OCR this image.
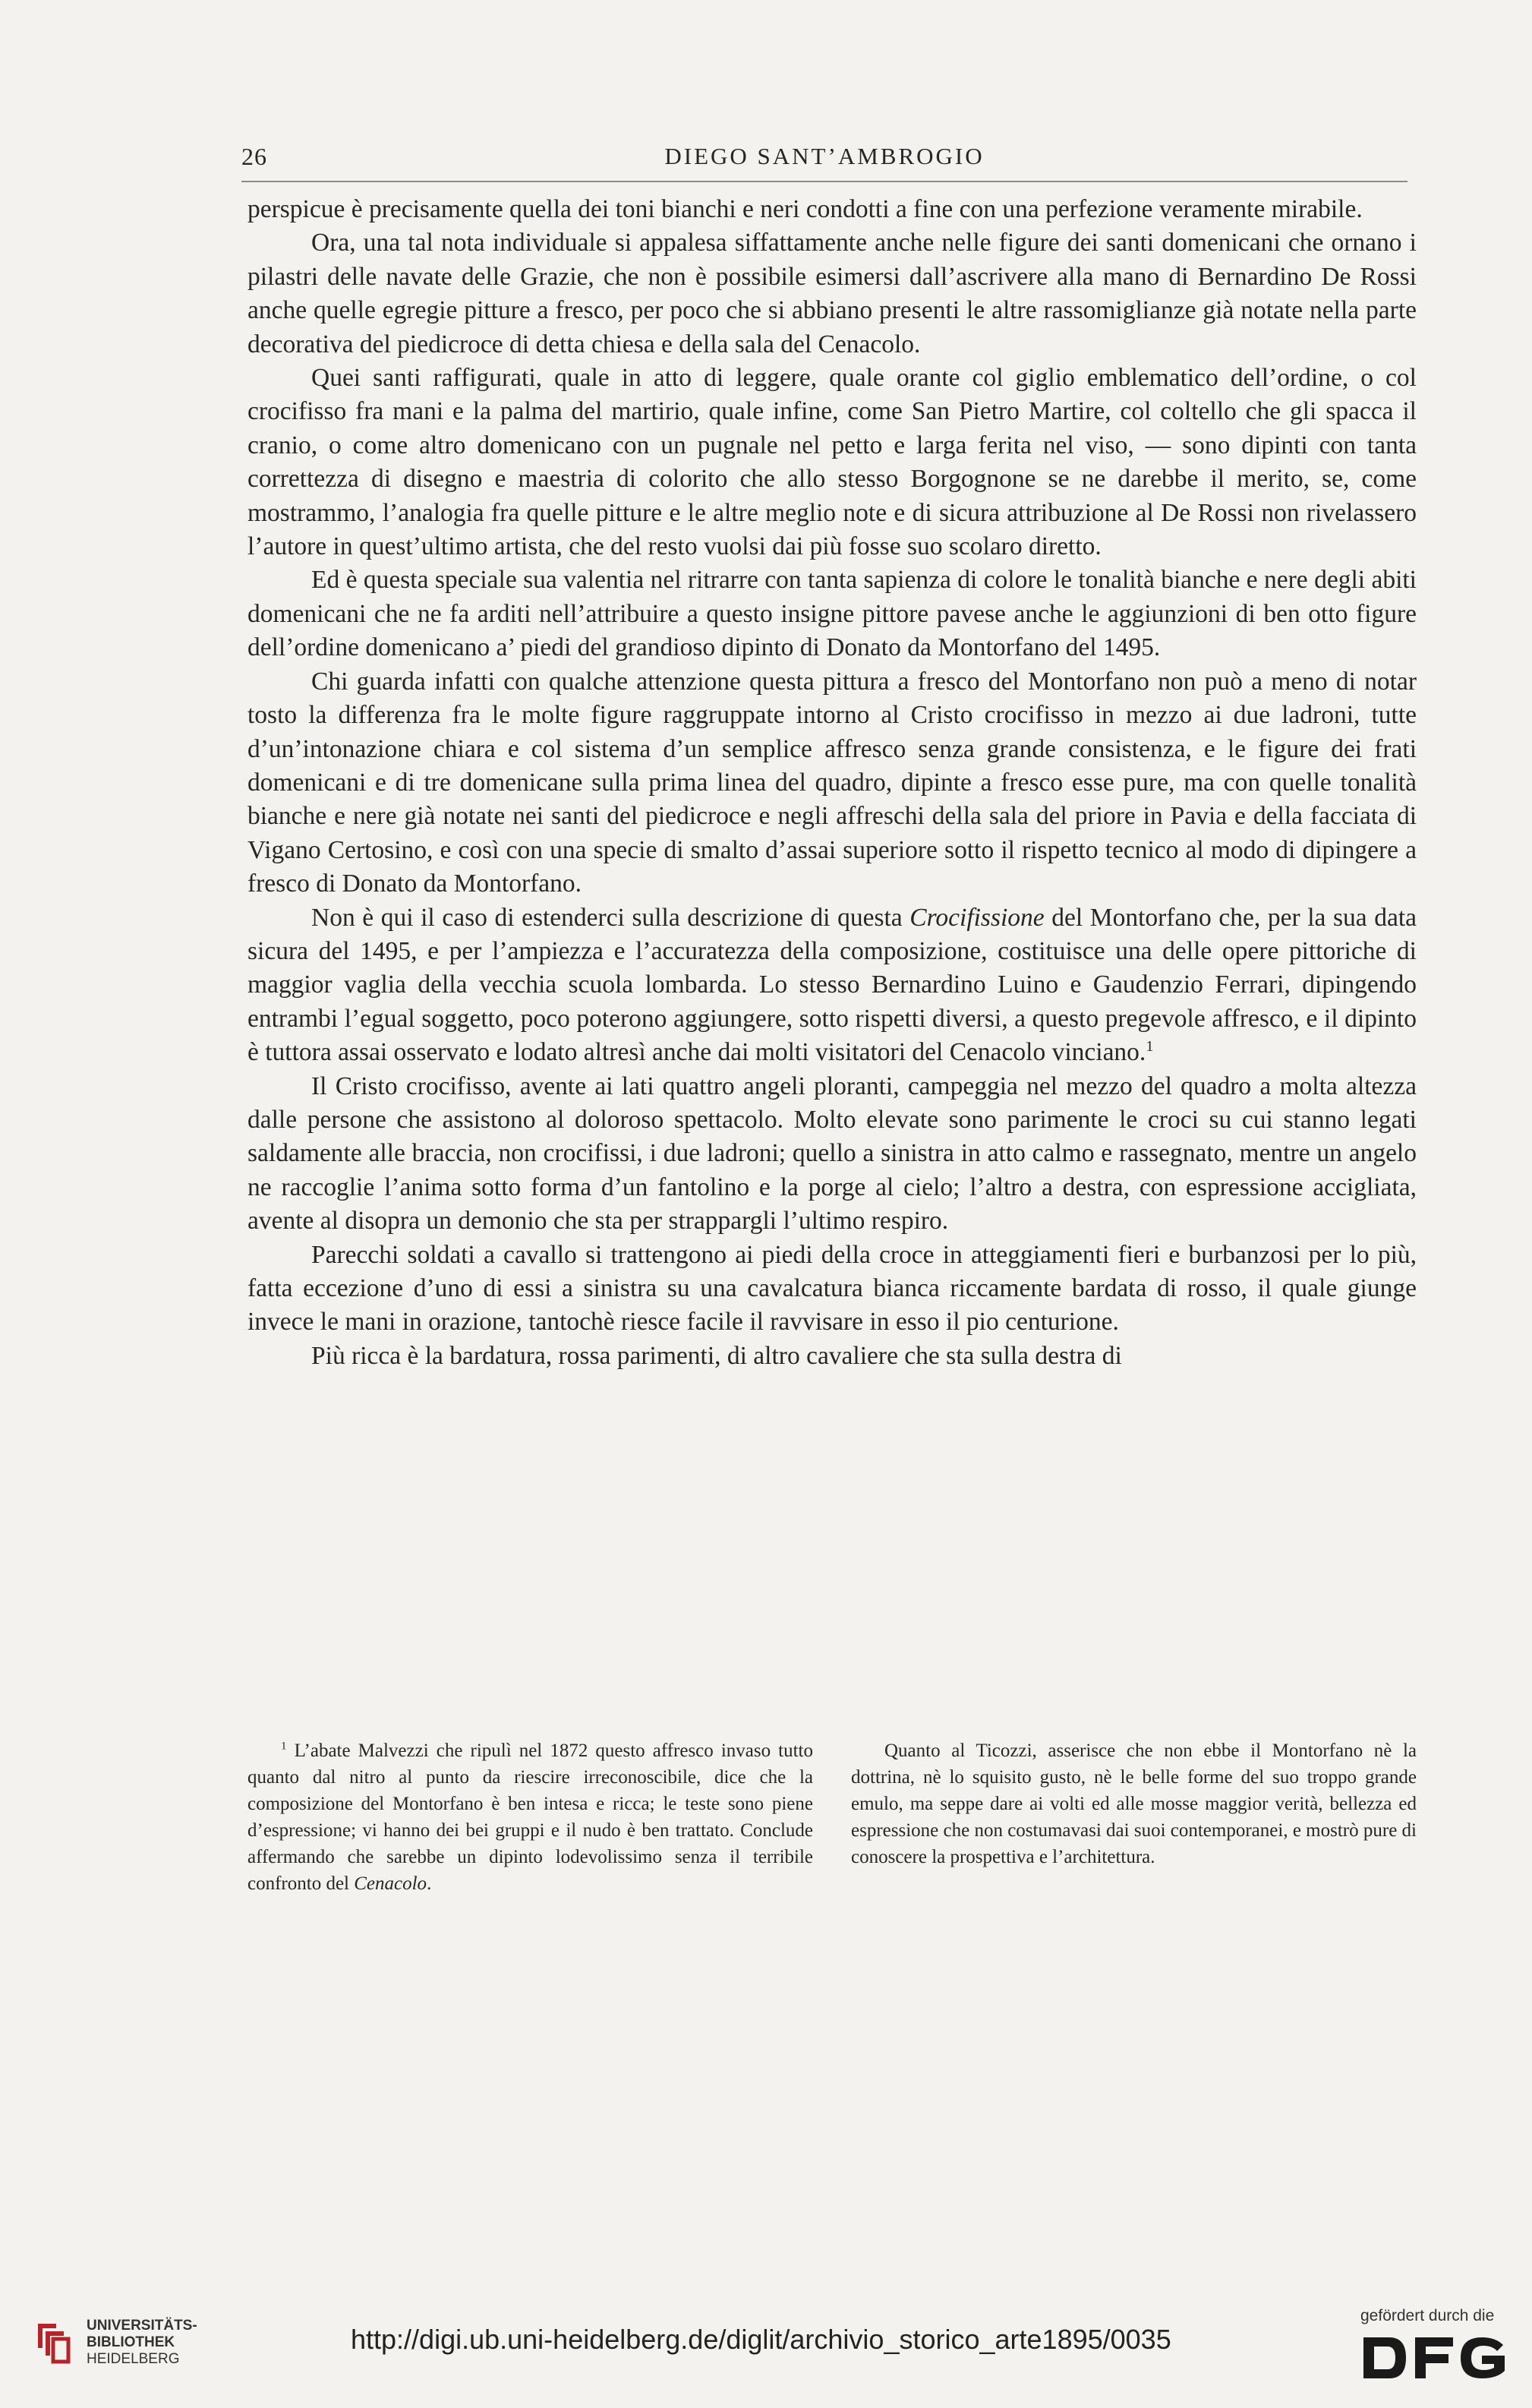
26	DIEGO SANT’AMBROGIO

perspicue è precisamente quella dei toni bianchi e neri condotti a fine con una perfezione veramente mirabile.

Ora, una tal nota individuale si appalesa siffattamente anche nelle figure dei santi domenicani che ornano i pilastri delle navate delle Grazie, che non è possibile esimersi dall’ascrivere alla mano di Bernardino De Rossi anche quelle egregie pitture a fresco, per poco che si abbiano presenti le altre rassomiglianze già notate nella parte decorativa del piedicroce di detta chiesa e della sala del Cenacolo.

Quei santi raffigurati, quale in atto di leggere, quale orante col giglio emblematico dell’ordine, o col crocifisso fra mani e la palma del martirio, quale infine, come San Pietro Martire, col coltello che gli spacca il cranio, o come altro domenicano con un pugnale nel petto e larga ferita nel viso, — sono dipinti con tanta correttezza di disegno e maestria di colorito che allo stesso Borgognone se ne darebbe il merito, se, come mostrammo, l’analogia fra quelle pitture e le altre meglio note e di sicura attribuzione al De Rossi non rivelassero l’autore in quest’ultimo artista, che del resto vuolsi dai più fosse suo scolaro diretto.

Ed è questa speciale sua valentia nel ritrarre con tanta sapienza di colore le tonalità bianche e nere degli abiti domenicani che ne fa arditi nell’attribuire a questo insigne pittore pavese anche le aggiunzioni di ben otto figure dell’ordine domenicano a’ piedi del grandioso dipinto di Donato da Montorfano del 1495.

Chi guarda infatti con qualche attenzione questa pittura a fresco del Montorfano non può a meno di notar tosto la differenza fra le molte figure raggruppate intorno al Cristo crocifisso in mezzo ai due ladroni, tutte d’un’intonazione chiara e col sistema d’un semplice affresco senza grande consistenza, e le figure dei frati domenicani e di tre domenicane sulla prima linea del quadro, dipinte a fresco esse pure, ma con quelle tonalità bianche e nere già notate nei santi del piedicroce e negli affreschi della sala del priore in Pavia e della facciata di Vigano Certosino, e così con una specie di smalto d’assai superiore sotto il rispetto tecnico al modo di dipingere a fresco di Donato da Montorfano.

Non è qui il caso di estenderci sulla descrizione di questa Crocifissione del Montorfano che, per la sua data sicura del 1495, e per l’ampiezza e l’accuratezza della composizione, costituisce una delle opere pittoriche di maggior vaglia della vecchia scuola lombarda. Lo stesso Bernardino Luino e Gaudenzio Ferrari, dipingendo entrambi l’egual soggetto, poco poterono aggiungere, sotto rispetti diversi, a questo pregevole affresco, e il dipinto è tuttora assai osservato e lodato altresì anche dai molti visitatori del Cenacolo vinciano.$^1$

Il Cristo crocifisso, avente ai lati quattro angeli ploranti, campeggia nel mezzo del quadro a molta altezza dalle persone che assistono al doloroso spettacolo. Molto elevate sono parimente le croci su cui stanno legati saldamente alle braccia, non crocifissi, i due ladroni; quello a sinistra in atto calmo e rassegnato, mentre un angelo ne raccoglie l’anima sotto forma d’un fantolino e la porge al cielo; l’altro a destra, con espressione accigliata, avente al disopra un demonio che sta per strappargli l’ultimo respiro.

Parecchi soldati a cavallo si trattengono ai piedi della croce in atteggiamenti fieri e burbanzosi per lo più, fatta eccezione d’uno di essi a sinistra su una cavalcatura bianca riccamente bardata di rosso, il quale giunge invece le mani in orazione, tantochè riesce facile il ravvisare in esso il pio centurione.

Più ricca è la bardatura, rossa parimenti, di altro cavaliere che sta sulla destra di

$^1$ L’abate Malvezzi che ripulì nel 1872 questo affresco invaso tutto quanto dal nitro al punto da riescire irreconoscibile, dice che la composizione del Montorfano è ben intesa e ricca; le teste sono piene d’espressione; vi hanno dei bei gruppi e il nudo è ben trattato. Conclude affermando che sarebbe un dipinto lodevolissimo senza il terribile confronto del Cenacolo.

Quanto al Ticozzi, asserisce che non ebbe il Montorfano nè la dottrina, nè lo squisito gusto, nè le belle forme del suo troppo grande emulo, ma seppe dare ai volti ed alle mosse maggior verità, bellezza ed espressione che non costumavasi dai suoi contemporanei, e mostrò pure di conoscere la prospettiva e l’architettura.

UNIVERSITÄTS-
BIBLIOTHEK
HEIDELBERG
http://digi.ub.uni-heidelberg.de/diglit/archivio_storico_arte1895/0035
gefördert durch die
